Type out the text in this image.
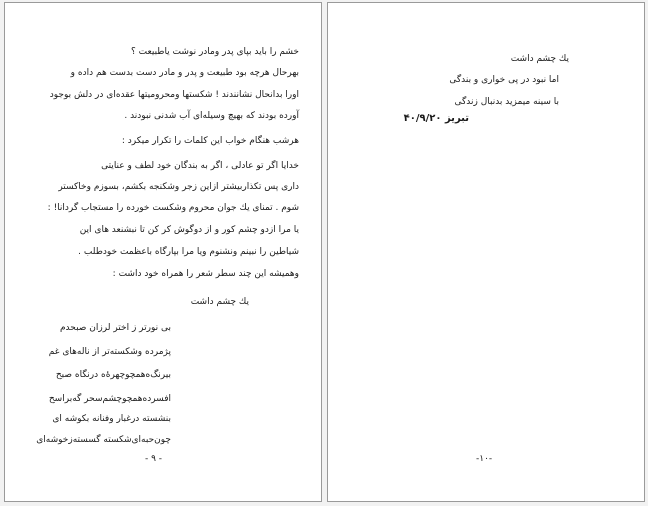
خشم را باید بپای پدر ومادر نوشت یاطبیعت ؟
بهرحال هرچه بود طبیعت و پدر و مادر دست بدست هم داده و
اورا بدانحال نشانندند ! شکستها ومحرومیتها عقده‌ای در دلش بوجود
آورده بودند که بهیچ وسیله‌ای آب شدنی نبودند .
هرشب هنگام خواب این کلمات را تکرار میکرد :
خدایا اگر تو عادلی ، اگر به بندگان خود لطف و عنایتی
داری پس تکذاربیشتر ازاین زجر وشکنجه بکشم، بسوزم وخاکستر
شوم . تمنای یك جوان محروم وشکست خورده را مستجاب گردانا! :
یا مرا ازدو چشم کور و از دوگوش کر کن تا نبشنعد های این
شیاطین را نبینم ونشنوم ویا مرا بپارگاه باعظمت خودطلب .
وهمیشه این چند سطر شعر را همراه خود داشت :
یك چشم داشت
بی نورتر ز اختر لرزان صبحدم
پژمرده وشکسته‌تر از ناله‌های غم
بیرنگ‌ه‌همچوچهرهٔ‌ه درنگاه صبح
افسرده‌همچوچشم‌سحر گه‌براسح
بنشسته درغبار وفنانه بکوشه ای
چون‌حبه‌ای‌شکسته گسسته‌زخوشه‌ای
- ۹ -
یك چشم داشت
اما نبود در پی خواری و بندگی
با سینه میمزید بدنبال زندگی
تبریز ۴۰/۹/۲۰
-۱۰-
